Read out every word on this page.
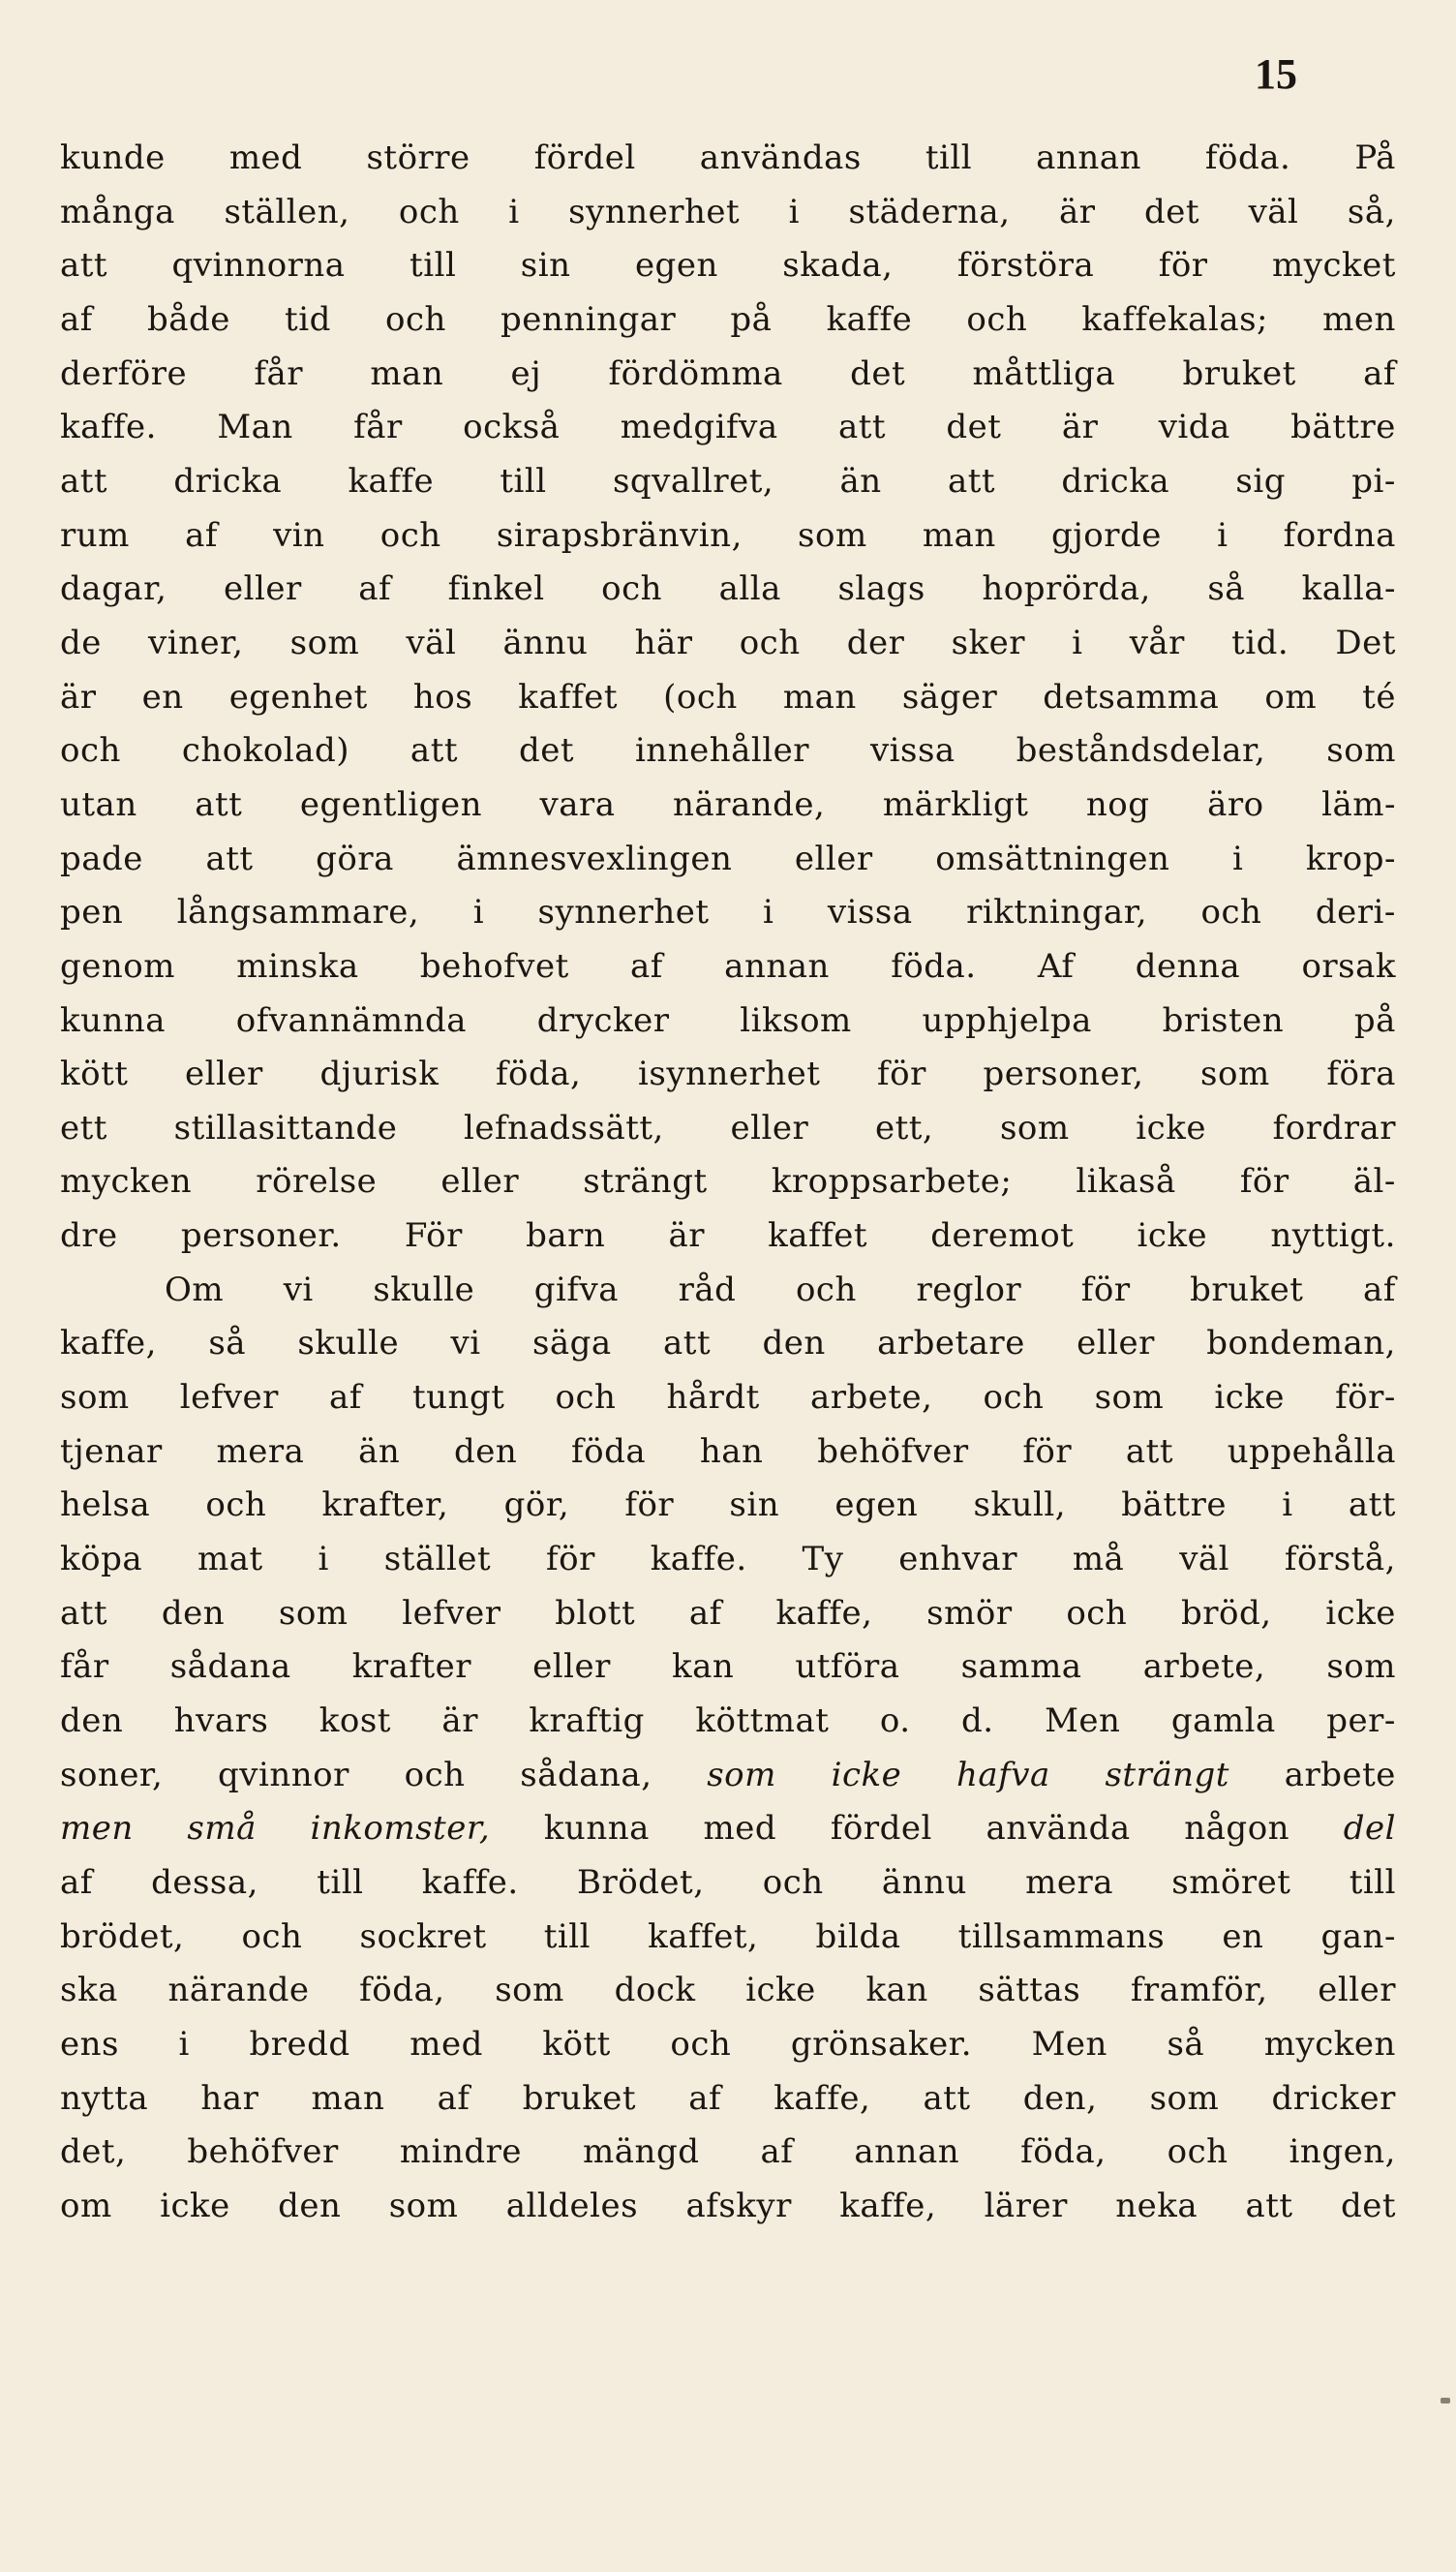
15
kunde med större fördel användas till annan föda. På
många ställen, och i synnerhet i städerna, är det väl så,
att qvinnorna till sin egen skada, förstöra för mycket
af både tid och penningar på kaffe och kaffekalas; men
derföre får man ej fördömma det måttliga bruket af
kaffe. Man får också medgifva att det är vida bättre
att dricka kaffe till sqvallret, än att dricka sig pi-
rum af vin och sirapsbränvin, som man gjorde i fordna
dagar, eller af finkel och alla slags hoprörda, så kalla-
de viner, som väl ännu här och der sker i vår tid. Det
är en egenhet hos kaffet (och man säger detsamma om té
och chokolad) att det innehåller vissa beståndsdelar, som
utan att egentligen vara närande, märkligt nog äro läm-
pade att göra ämnesvexlingen eller omsättningen i krop-
pen långsammare, i synnerhet i vissa riktningar, och deri-
genom minska behofvet af annan föda. Af denna orsak
kunna ofvannämnda drycker liksom upphjelpa bristen på
kött eller djurisk föda, isynnerhet för personer, som föra
ett stillasittande lefnadssätt, eller ett, som icke fordrar
mycken rörelse eller strängt kroppsarbete; likaså för äl-
dre personer. För barn är kaffet deremot icke nyttigt.
Om vi skulle gifva råd och reglor för bruket af
kaffe, så skulle vi säga att den arbetare eller bondeman,
som lefver af tungt och hårdt arbete, och som icke för-
tjenar mera än den föda han behöfver för att uppehålla
helsa och krafter, gör, för sin egen skull, bättre i att
köpa mat i stället för kaffe. Ty enhvar må väl förstå,
att den som lefver blott af kaffe, smör och bröd, icke
får sådana krafter eller kan utföra samma arbete, som
den hvars kost är kraftig köttmat o. d. Men gamla per-
soner, qvinnor och sådana, som icke hafva strängt arbete
men små inkomster, kunna med fördel använda någon del
af dessa, till kaffe. Brödet, och ännu mera smöret till
brödet, och sockret till kaffet, bilda tillsammans en gan-
ska närande föda, som dock icke kan sättas framför, eller
ens i bredd med kött och grönsaker. Men så mycken
nytta har man af bruket af kaffe, att den, som dricker
det, behöfver mindre mängd af annan föda, och ingen,
om icke den som alldeles afskyr kaffe, lärer neka att det
